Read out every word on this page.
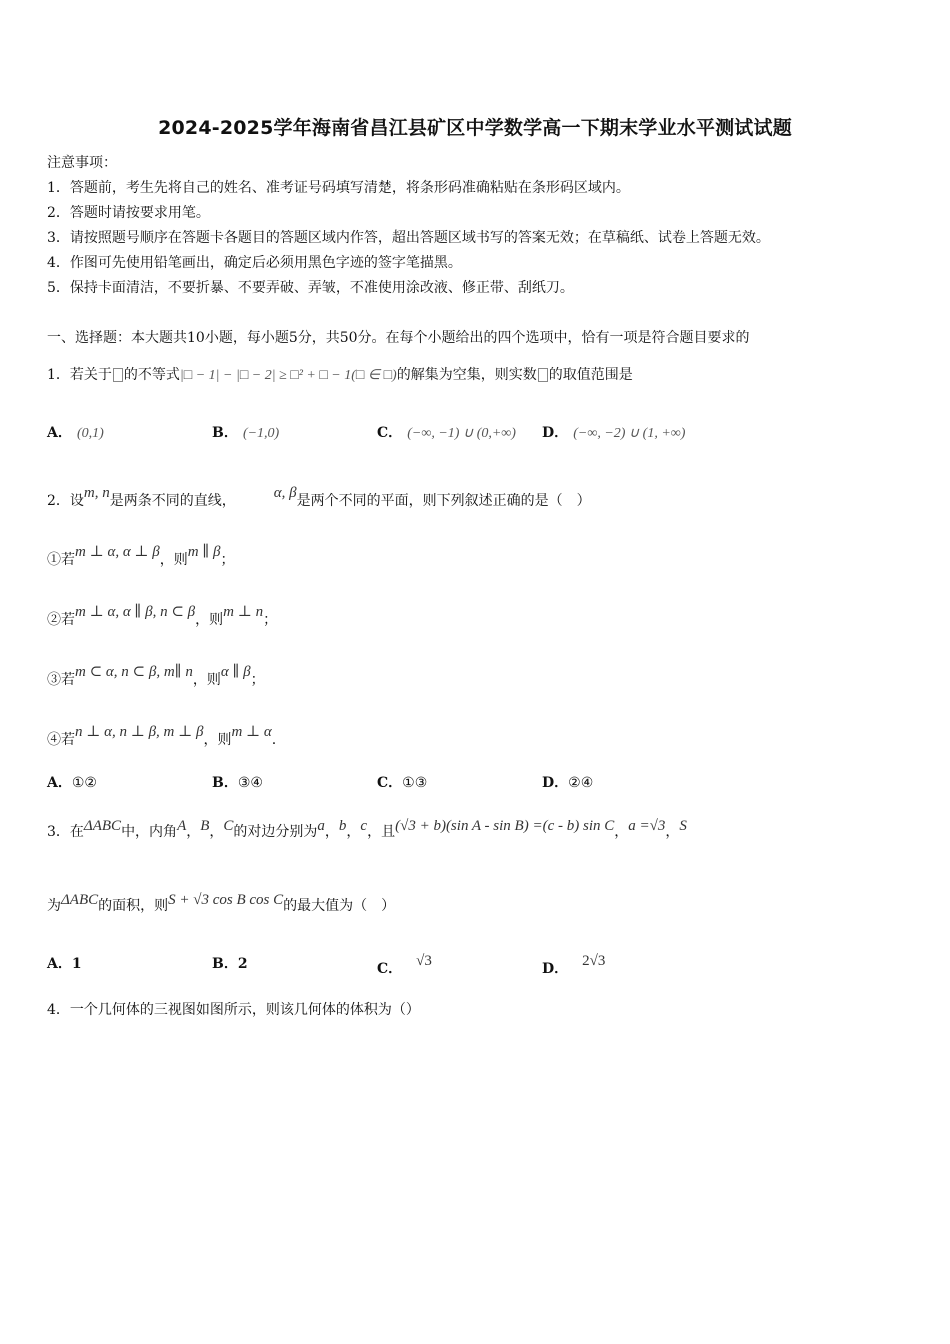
2024-2025学年海南省昌江县矿区中学数学高一下期末学业水平测试试题
注意事项：
1．答题前，考生先将自己的姓名、准考证号码填写清楚，将条形码准确粘贴在条形码区域内。
2．答题时请按要求用笔。
3．请按照题号顺序在答题卡各题目的答题区域内作答，超出答题区域书写的答案无效；在草稿纸、试卷上答题无效。
4．作图可先使用铅笔画出，确定后必须用黑色字迹的签字笔描黑。
5．保持卡面清洁，不要折暴、不要弄破、弄皱，不准使用涂改液、修正带、刮纸刀。
一、选择题：本大题共10小题，每小题5分，共50分。在每个小题给出的四个选项中，恰有一项是符合题目要求的
1．若关于 的不等式|□ − 1| − |□ − 2| ≥ □² + □ − 1(□ ∈ □)的解集为空集，则实数 的取值范围是
A． (0,1)	B． (−1,0)	C． (−∞, −1) ∪ (0,+∞) D． (−∞, −2) ∪ (1, +∞)
2．设m, n是两条不同的直线，	α, β是两个不同的平面，则下列叙述正确的是（　）
①若m ⊥ α, α ⊥ β，则m ∥ β；
②若m ⊥ α, α ∥ β, n ⊂ β，则m ⊥ n；
③若m ⊂ α, n ⊂ β, m∥ n，则α ∥ β；
④若n ⊥ α, n ⊥ β, m ⊥ β，则m ⊥ α.
A．①②	B．③④	C．①③	D．②④
3．在ΔABC中，内角A，B，C的对边分别为a，b，c，且(√3 + b)(sin A - sin B) =(c - b) sin C，a =√3，S
为ΔABC的面积，则S + √3 cos B cos C的最大值为（　）
A．1	B．2	C． √3	D． 2√3
4．一个几何体的三视图如图所示，则该几何体的体积为（）
